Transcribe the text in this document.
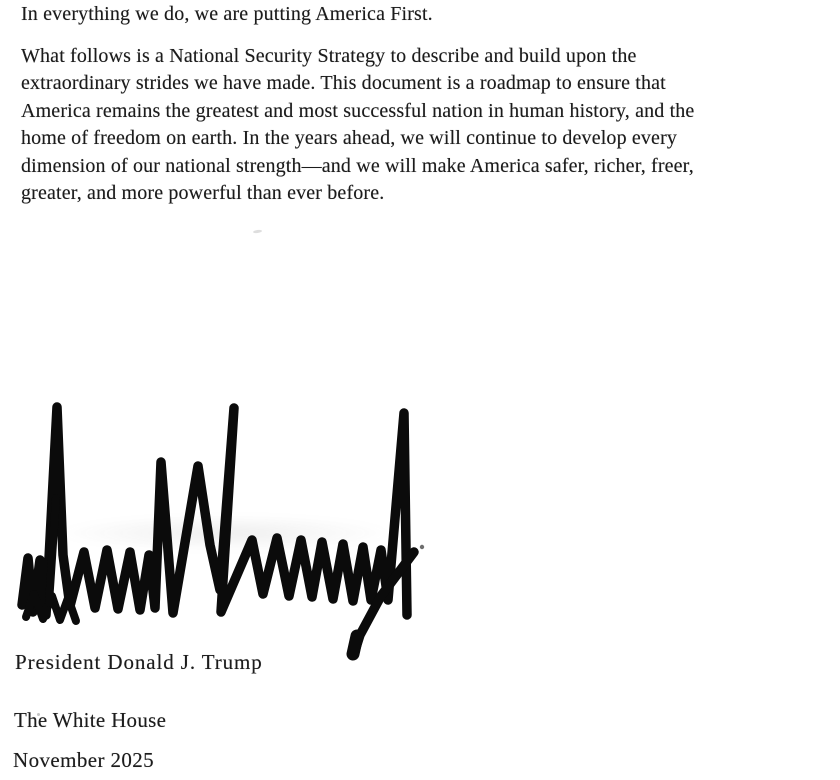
In everything we do, we are putting America First.
What follows is a National Security Strategy to describe and build upon the
extraordinary strides we have made. This document is a roadmap to ensure that
America remains the greatest and most successful nation in human history, and the
home of freedom on earth. In the years ahead, we will continue to develop every
dimension of our national strength—and we will make America safer, richer, freer,
greater, and more powerful than ever before.
President Donald J. Trump
The White House
November 2025
